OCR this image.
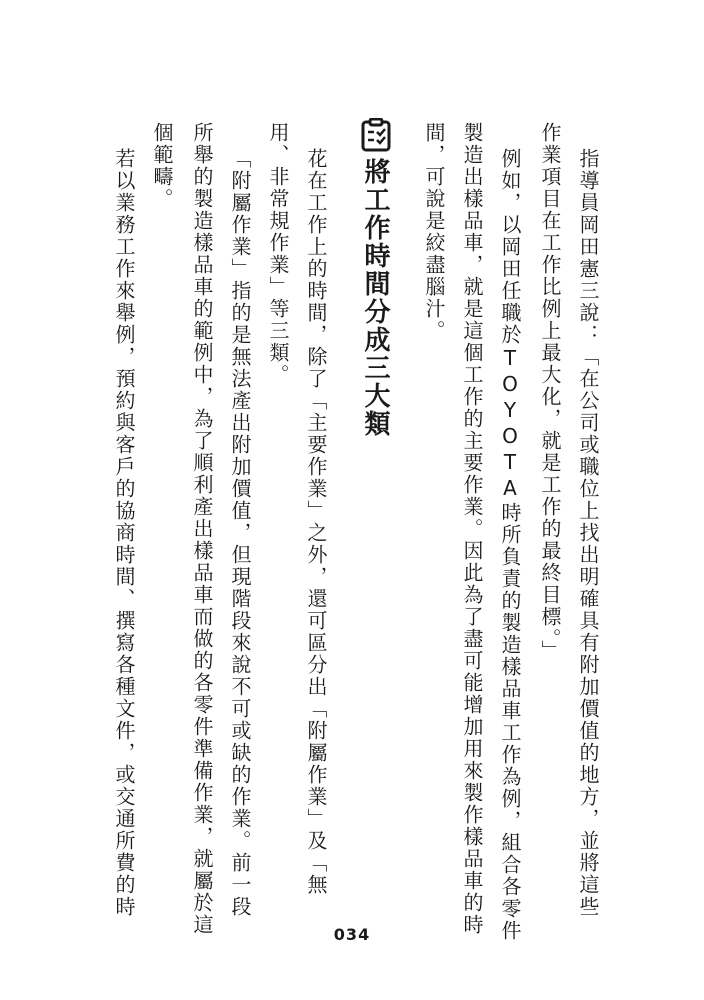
指導員岡田憲三說：「在公司或職位上找出明確具有附加價值的地方，並將這些
作業項目在工作比例上最大化，就是工作的最終目標。」
例如，以岡田任職於TOYOTA時所負責的製造樣品車工作為例，組合各零件
製造出樣品車，就是這個工作的主要作業。因此為了盡可能增加用來製作樣品車的時
間，可說是絞盡腦汁。
將工作時間分成三大類
花在工作上的時間，除了「主要作業」之外，還可區分出「附屬作業」及「無
用、非常規作業」等三類。
「附屬作業」指的是無法產出附加價值，但現階段來說不可或缺的作業。前一段
所舉的製造樣品車的範例中，為了順利產出樣品車而做的各零件準備作業，就屬於這
個範疇。
若以業務工作來舉例，預約與客戶的協商時間、撰寫各種文件，或交通所費的時
034
